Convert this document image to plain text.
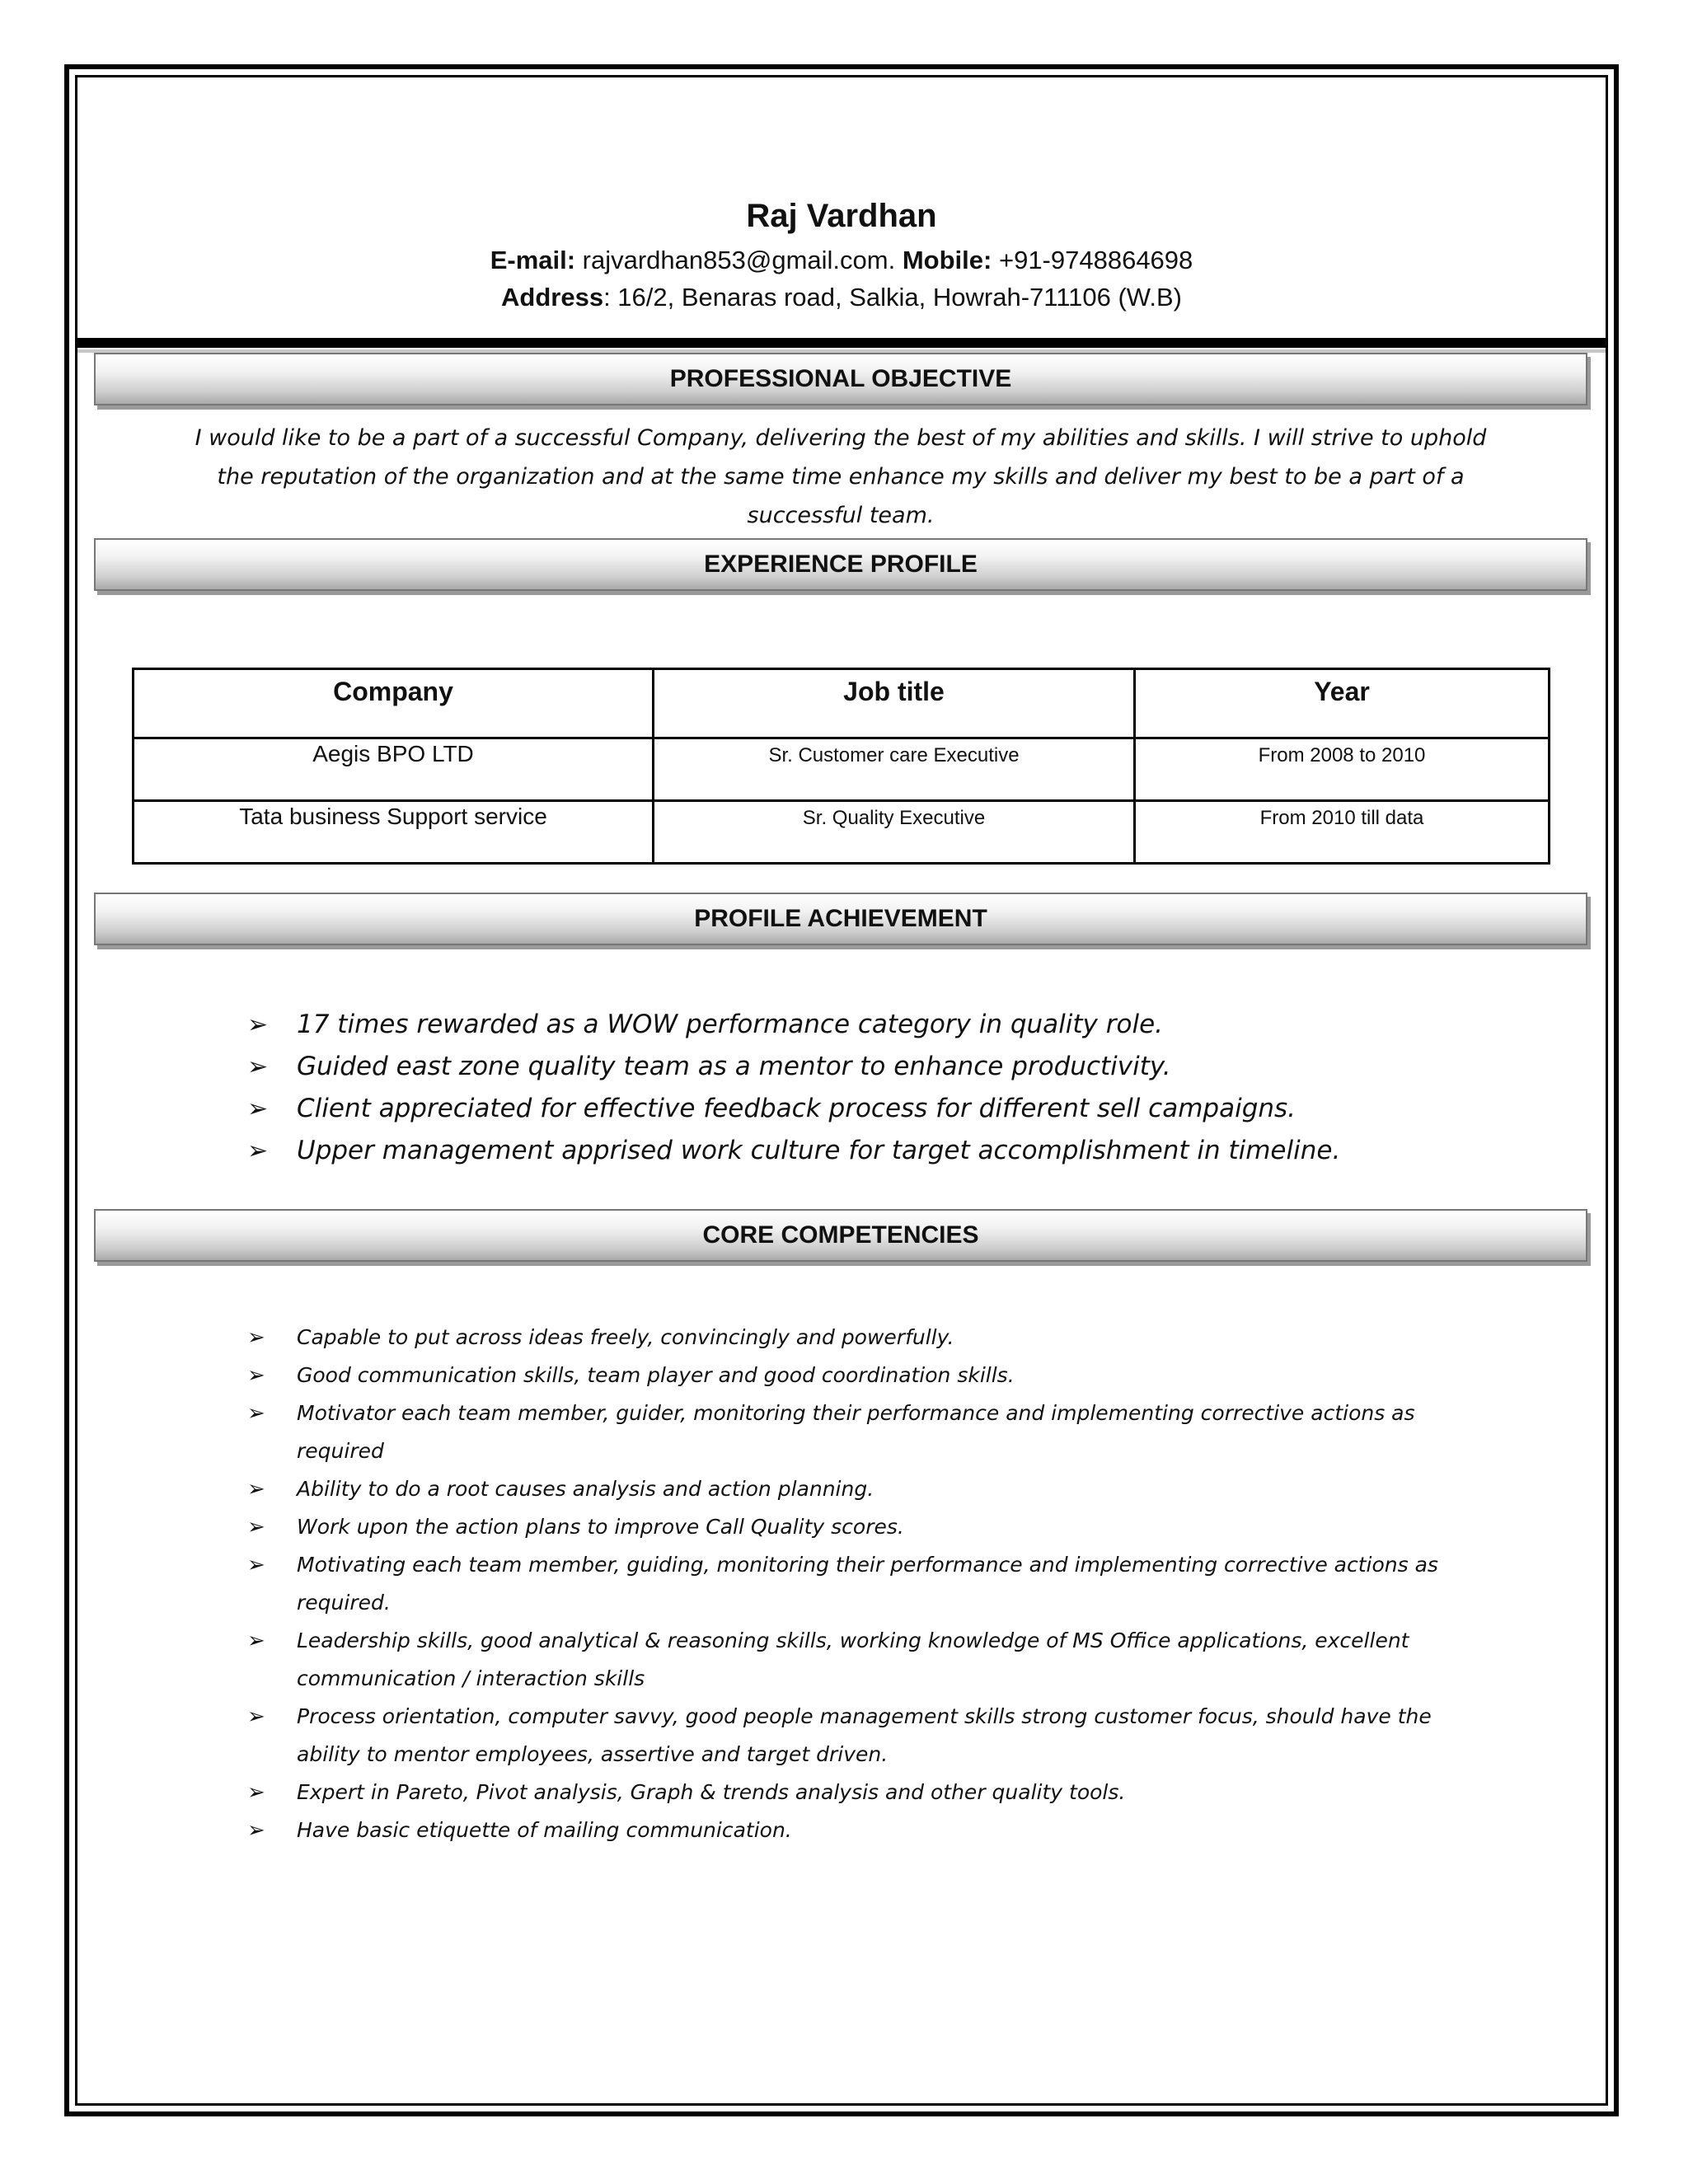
Raj Vardhan
E-mail: rajvardhan853@gmail.com. Mobile: +91-9748864698
Address: 16/2, Benaras road, Salkia, Howrah-711106 (W.B)
PROFESSIONAL OBJECTIVE
I would like to be a part of a successful Company, delivering the best of my abilities and skills. I will strive to uphold
the reputation of the organization and at the same time enhance my skills and deliver my best to be a part of a
successful team.
EXPERIENCE PROFILE
Company	Job title	Year
Aegis BPO LTD	Sr. Customer care Executive	From 2008 to 2010
Tata business Support service	Sr. Quality Executive	From 2010 till data
PROFILE ACHIEVEMENT
➢ 17 times rewarded as a WOW performance category in quality role.
➢ Guided east zone quality team as a mentor to enhance productivity.
➢ Client appreciated for effective feedback process for different sell campaigns.
➢ Upper management apprised work culture for target accomplishment in timeline.
CORE COMPETENCIES
➢ Capable to put across ideas freely, convincingly and powerfully.
➢ Good communication skills, team player and good coordination skills.
➢ Motivator each team member, guider, monitoring their performance and implementing corrective actions as required
➢ Ability to do a root causes analysis and action planning.
➢ Work upon the action plans to improve Call Quality scores.
➢ Motivating each team member, guiding, monitoring their performance and implementing corrective actions as required.
➢ Leadership skills, good analytical & reasoning skills, working knowledge of MS Office applications, excellent communication / interaction skills
➢ Process orientation, computer savvy, good people management skills strong customer focus, should have the ability to mentor employees, assertive and target driven.
➢ Expert in Pareto, Pivot analysis, Graph & trends analysis and other quality tools.
➢ Have basic etiquette of mailing communication.
